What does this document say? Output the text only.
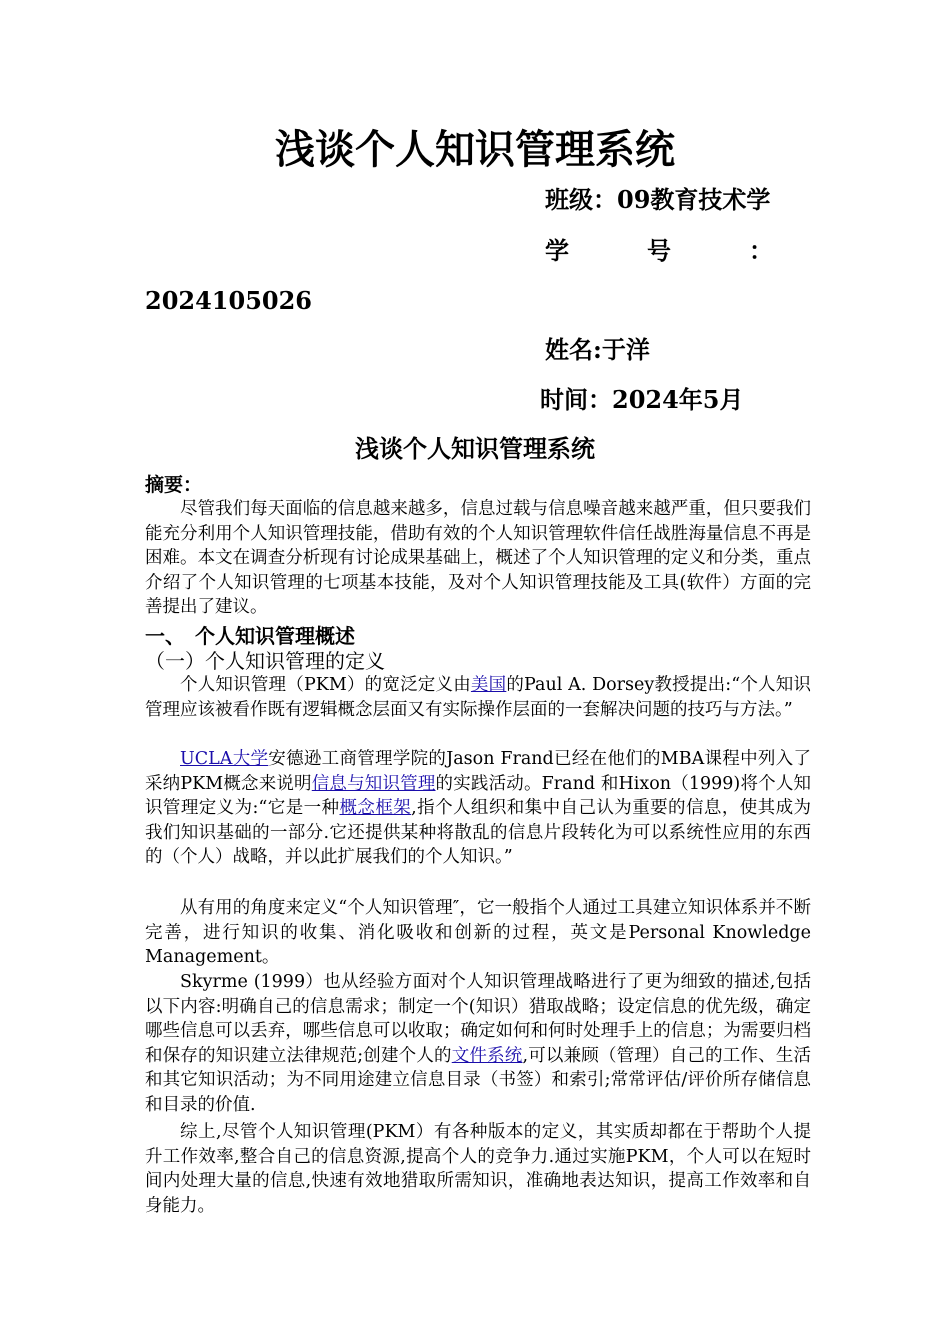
浅谈个人知识管理系统
班级：09教育技术学
学　　号　　：
2024105026
姓名:于洋
时间：2024年5月
浅谈个人知识管理系统
摘要：

尽管我们每天面临的信息越来越多，信息过载与信息噪音越来越严重，但只要我们能充分利用个人知识管理技能，借助有效的个人知识管理软件信任战胜海量信息不再是困难。本文在调查分析现有讨论成果基础上，概述了个人知识管理的定义和分类，重点介绍了个人知识管理的七项基本技能，及对个人知识管理技能及工具(软件）方面的完善提出了建议。

一、　个人知识管理概述
（一）个人知识管理的定义

个人知识管理（PKM）的宽泛定义由美国的Paul A. Dorsey教授提出:“个人知识管理应该被看作既有逻辑概念层面又有实际操作层面的一套解决问题的技巧与方法。”

UCLA大学安德逊工商管理学院的Jason Frand已经在他们的MBA课程中列入了采纳PKM概念来说明信息与知识管理的实践活动。Frand 和Hixon（1999)将个人知识管理定义为:“它是一种概念框架,指个人组织和集中自己认为重要的信息，使其成为我们知识基础的一部分.它还提供某种将散乱的信息片段转化为可以系统性应用的东西的（个人）战略，并以此扩展我们的个人知识。”

从有用的角度来定义“个人知识管理″，它一般指个人通过工具建立知识体系并不断完善，进行知识的收集、消化吸收和创新的过程，英文是Personal Knowledge Management。

Skyrme (1999）也从经验方面对个人知识管理战略进行了更为细致的描述,包括以下内容:明确自己的信息需求；制定一个(知识）猎取战略；设定信息的优先级，确定哪些信息可以丢弃，哪些信息可以收取；确定如何和何时处理手上的信息；为需要归档和保存的知识建立法律规范;创建个人的文件系统,可以兼顾（管理）自己的工作、生活和其它知识活动；为不同用途建立信息目录（书签）和索引;常常评估/评价所存储信息和目录的价值.

综上,尽管个人知识管理(PKM）有各种版本的定义，其实质却都在于帮助个人提升工作效率,整合自己的信息资源,提高个人的竞争力.通过实施PKM，个人可以在短时间内处理大量的信息,快速有效地猎取所需知识，准确地表达知识，提高工作效率和自身能力。
